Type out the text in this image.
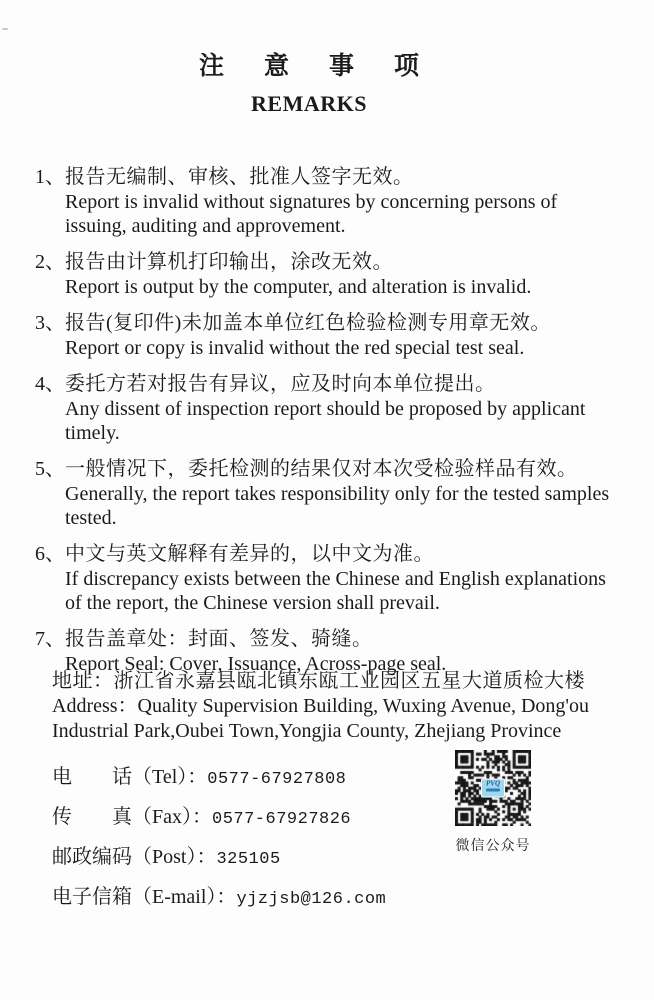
注意事项
REMARKS
1、 报告无编制、审核、批准人签字无效。
Report is invalid without signatures by concerning persons of issuing, auditing and approvement.
2、 报告由计算机打印输出，涂改无效。
Report is output by the computer, and alteration is invalid.
3、 报告(复印件)未加盖本单位红色检验检测专用章无效。
Report or copy is invalid without the red special test seal.
4、 委托方若对报告有异议，应及时向本单位提出。
Any dissent of inspection report should be proposed by applicant timely.
5、 一般情况下，委托检测的结果仅对本次受检验样品有效。
Generally, the report takes responsibility only for the tested samples tested.
6、 中文与英文解释有差异的，以中文为准。
If discrepancy exists between the Chinese and English explanations of the report, the Chinese version shall prevail.
7、 报告盖章处：封面、签发、骑缝。
Report Seal: Cover, Issuance, Across-page seal.
地址：浙江省永嘉县瓯北镇东瓯工业园区五星大道质检大楼
Address：Quality Supervision Building, Wuxing Avenue, Dong'ou Industrial Park,Oubei Town,Yongjia County, Zhejiang Province
电　　话（Tel）：0577-67927808
传　　真（Fax）：0577-67927826
邮政编码（Post）：325105
电子信箱（E-mail）：yjzjsb@126.com
PVQ
微信公众号
